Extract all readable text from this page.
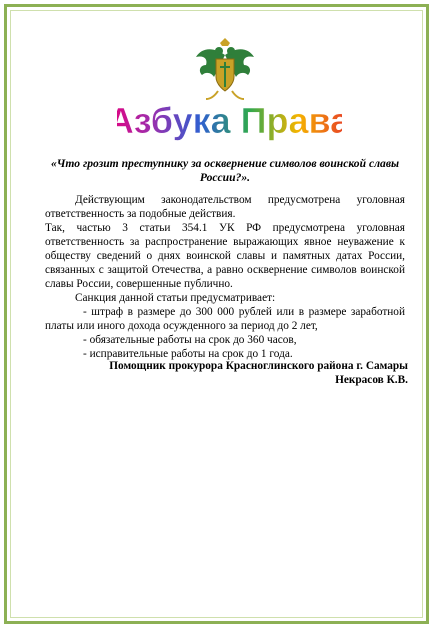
Азбука Права
«Что грозит преступнику за осквернение символов воинской славы России?».

Действующим законодательством предусмотрена уголовная ответственность за подобные действия.

Так, частью 3 статьи 354.1 УК РФ предусмотрена уголовная ответственность за распространение выражающих явное неуважение к обществу сведений о днях воинской славы и памятных датах России, связанных с защитой Отечества, а равно осквернение символов воинской славы России, совершенные публично.

Санкция данной статьи предусматривает:

- штраф в размере до 300 000 рублей или в размере заработной платы или иного дохода осужденного за период до 2 лет,

- обязательные работы на срок до 360 часов,

- исправительные работы на срок до 1 года.

Помощник прокурора Красноглинского района г. Самары
Некрасов К.В.
